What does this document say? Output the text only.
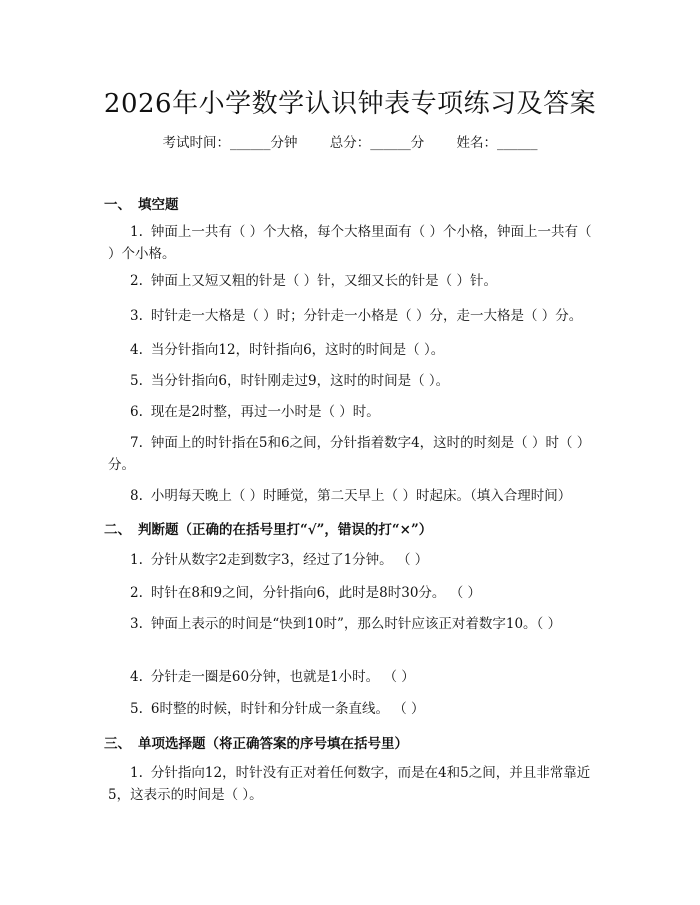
2026年小学数学认识钟表专项练习及答案
考试时间：______分钟 总分：______分 姓名：______
一、 填空题
1. 钟面上一共有（ ）个大格，每个大格里面有（ ）个小格，钟面上一共有（ ）个小格。
2. 钟面上又短又粗的针是（ ）针，又细又长的针是（ ）针。
3. 时针走一大格是（ ）时；分针走一小格是（ ）分，走一大格是（ ）分。
4. 当分针指向12，时针指向6，这时的时间是（ ）。
5. 当分针指向6，时针刚走过9，这时的时间是（ ）。
6. 现在是2时整，再过一小时是（ ）时。
7. 钟面上的时针指在5和6之间，分针指着数字4，这时的时刻是（ ）时（ ）分。
8. 小明每天晚上（ ）时睡觉，第二天早上（ ）时起床。（填入合理时间）
二、 判断题（正确的在括号里打“√”，错误的打“×”）
1. 分针从数字2走到数字3，经过了1分钟。 （ ）
2. 时针在8和9之间，分针指向6，此时是8时30分。 （ ）
3. 钟面上表示的时间是“快到10时”，那么时针应该正对着数字10。（ ）
4. 分针走一圈是60分钟，也就是1小时。 （ ）
5. 6时整的时候，时针和分针成一条直线。 （ ）
三、 单项选择题（将正确答案的序号填在括号里）
1. 分针指向12，时针没有正对着任何数字，而是在4和5之间，并且非常靠近5，这表示的时间是（ ）。
